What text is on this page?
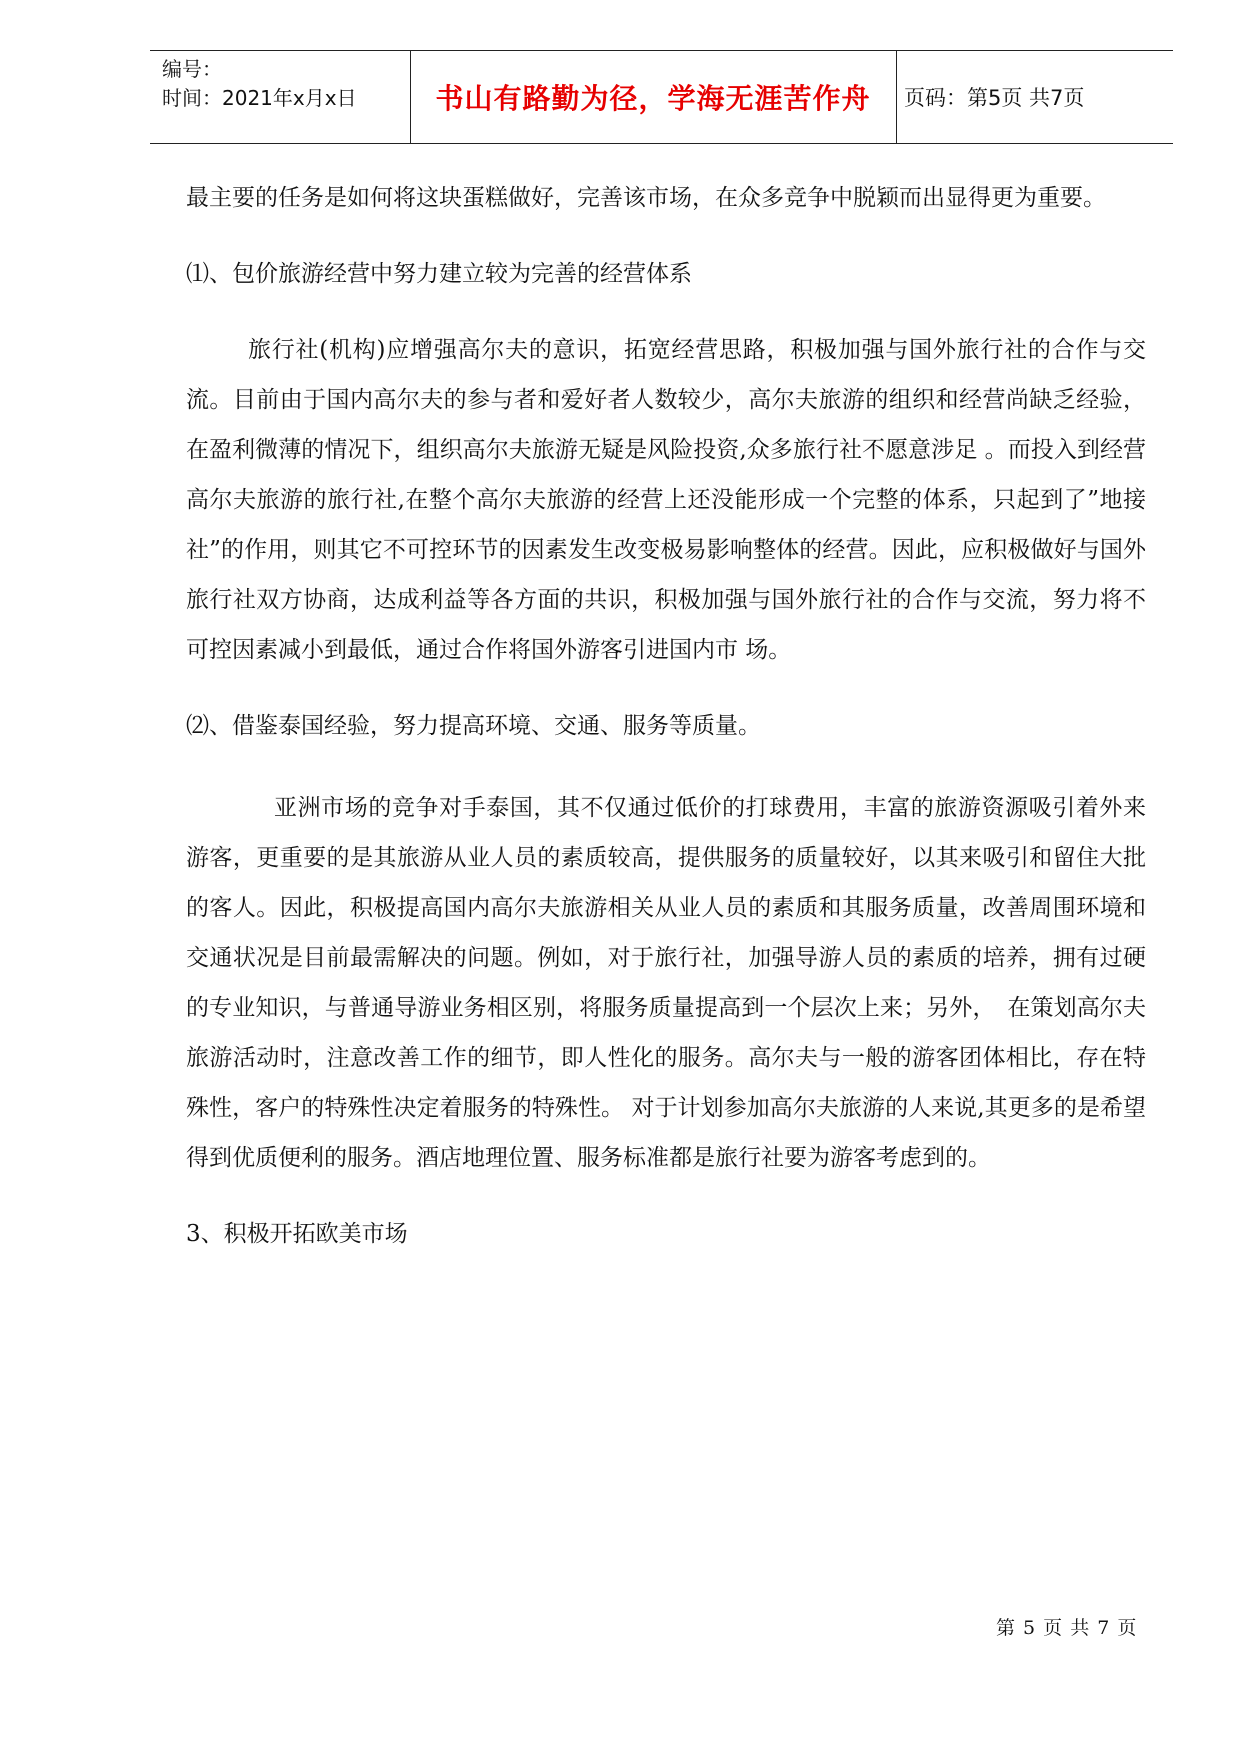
编号：
时间：2021年x月x日	书山有路勤为径，学海无涯苦作舟	页码：第5页 共7页

最主要的任务是如何将这块蛋糕做好，完善该市场，在众多竞争中脱颖而出显得更为重要。

⑴、包价旅游经营中努力建立较为完善的经营体系

旅行社(机构)应增强高尔夫的意识，拓宽经营思路，积极加强与国外旅行社的合作与交流。目前由于国内高尔夫的参与者和爱好者人数较少，高尔夫旅游的组织和经营尚缺乏经验，在盈利微薄的情况下，组织高尔夫旅游无疑是风险投资,众多旅行社不愿意涉足 。而投入到经营高尔夫旅游的旅行社,在整个高尔夫旅游的经营上还没能形成一个完整的体系，只起到了”地接社”的作用，则其它不可控环节的因素发生改变极易影响整体的经营。因此，应积极做好与国外旅行社双方协商，达成利益等各方面的共识，积极加强与国外旅行社的合作与交流，努力将不可控因素减小到最低，通过合作将国外游客引进国内市 场。

⑵、借鉴泰国经验，努力提高环境、交通、服务等质量。

亚洲市场的竞争对手泰国，其不仅通过低价的打球费用，丰富的旅游资源吸引着外来游客，更重要的是其旅游从业人员的素质较高，提供服务的质量较好，以其来吸引和留住大批的客人。因此，积极提高国内高尔夫旅游相关从业人员的素质和其服务质量，改善周围环境和交通状况是目前最需解决的问题。例如，对于旅行社，加强导游人员的素质的培养，拥有过硬的专业知识，与普通导游业务相区别，将服务质量提高到一个层次上来；另外，　在策划高尔夫旅游活动时，注意改善工作的细节，即人性化的服务。高尔夫与一般的游客团体相比，存在特殊性，客户的特殊性决定着服务的特殊性。 对于计划参加高尔夫旅游的人来说,其更多的是希望得到优质便利的服务。酒店地理位置、服务标准都是旅行社要为游客考虑到的。

3、积极开拓欧美市场

第 5 页 共 7 页
